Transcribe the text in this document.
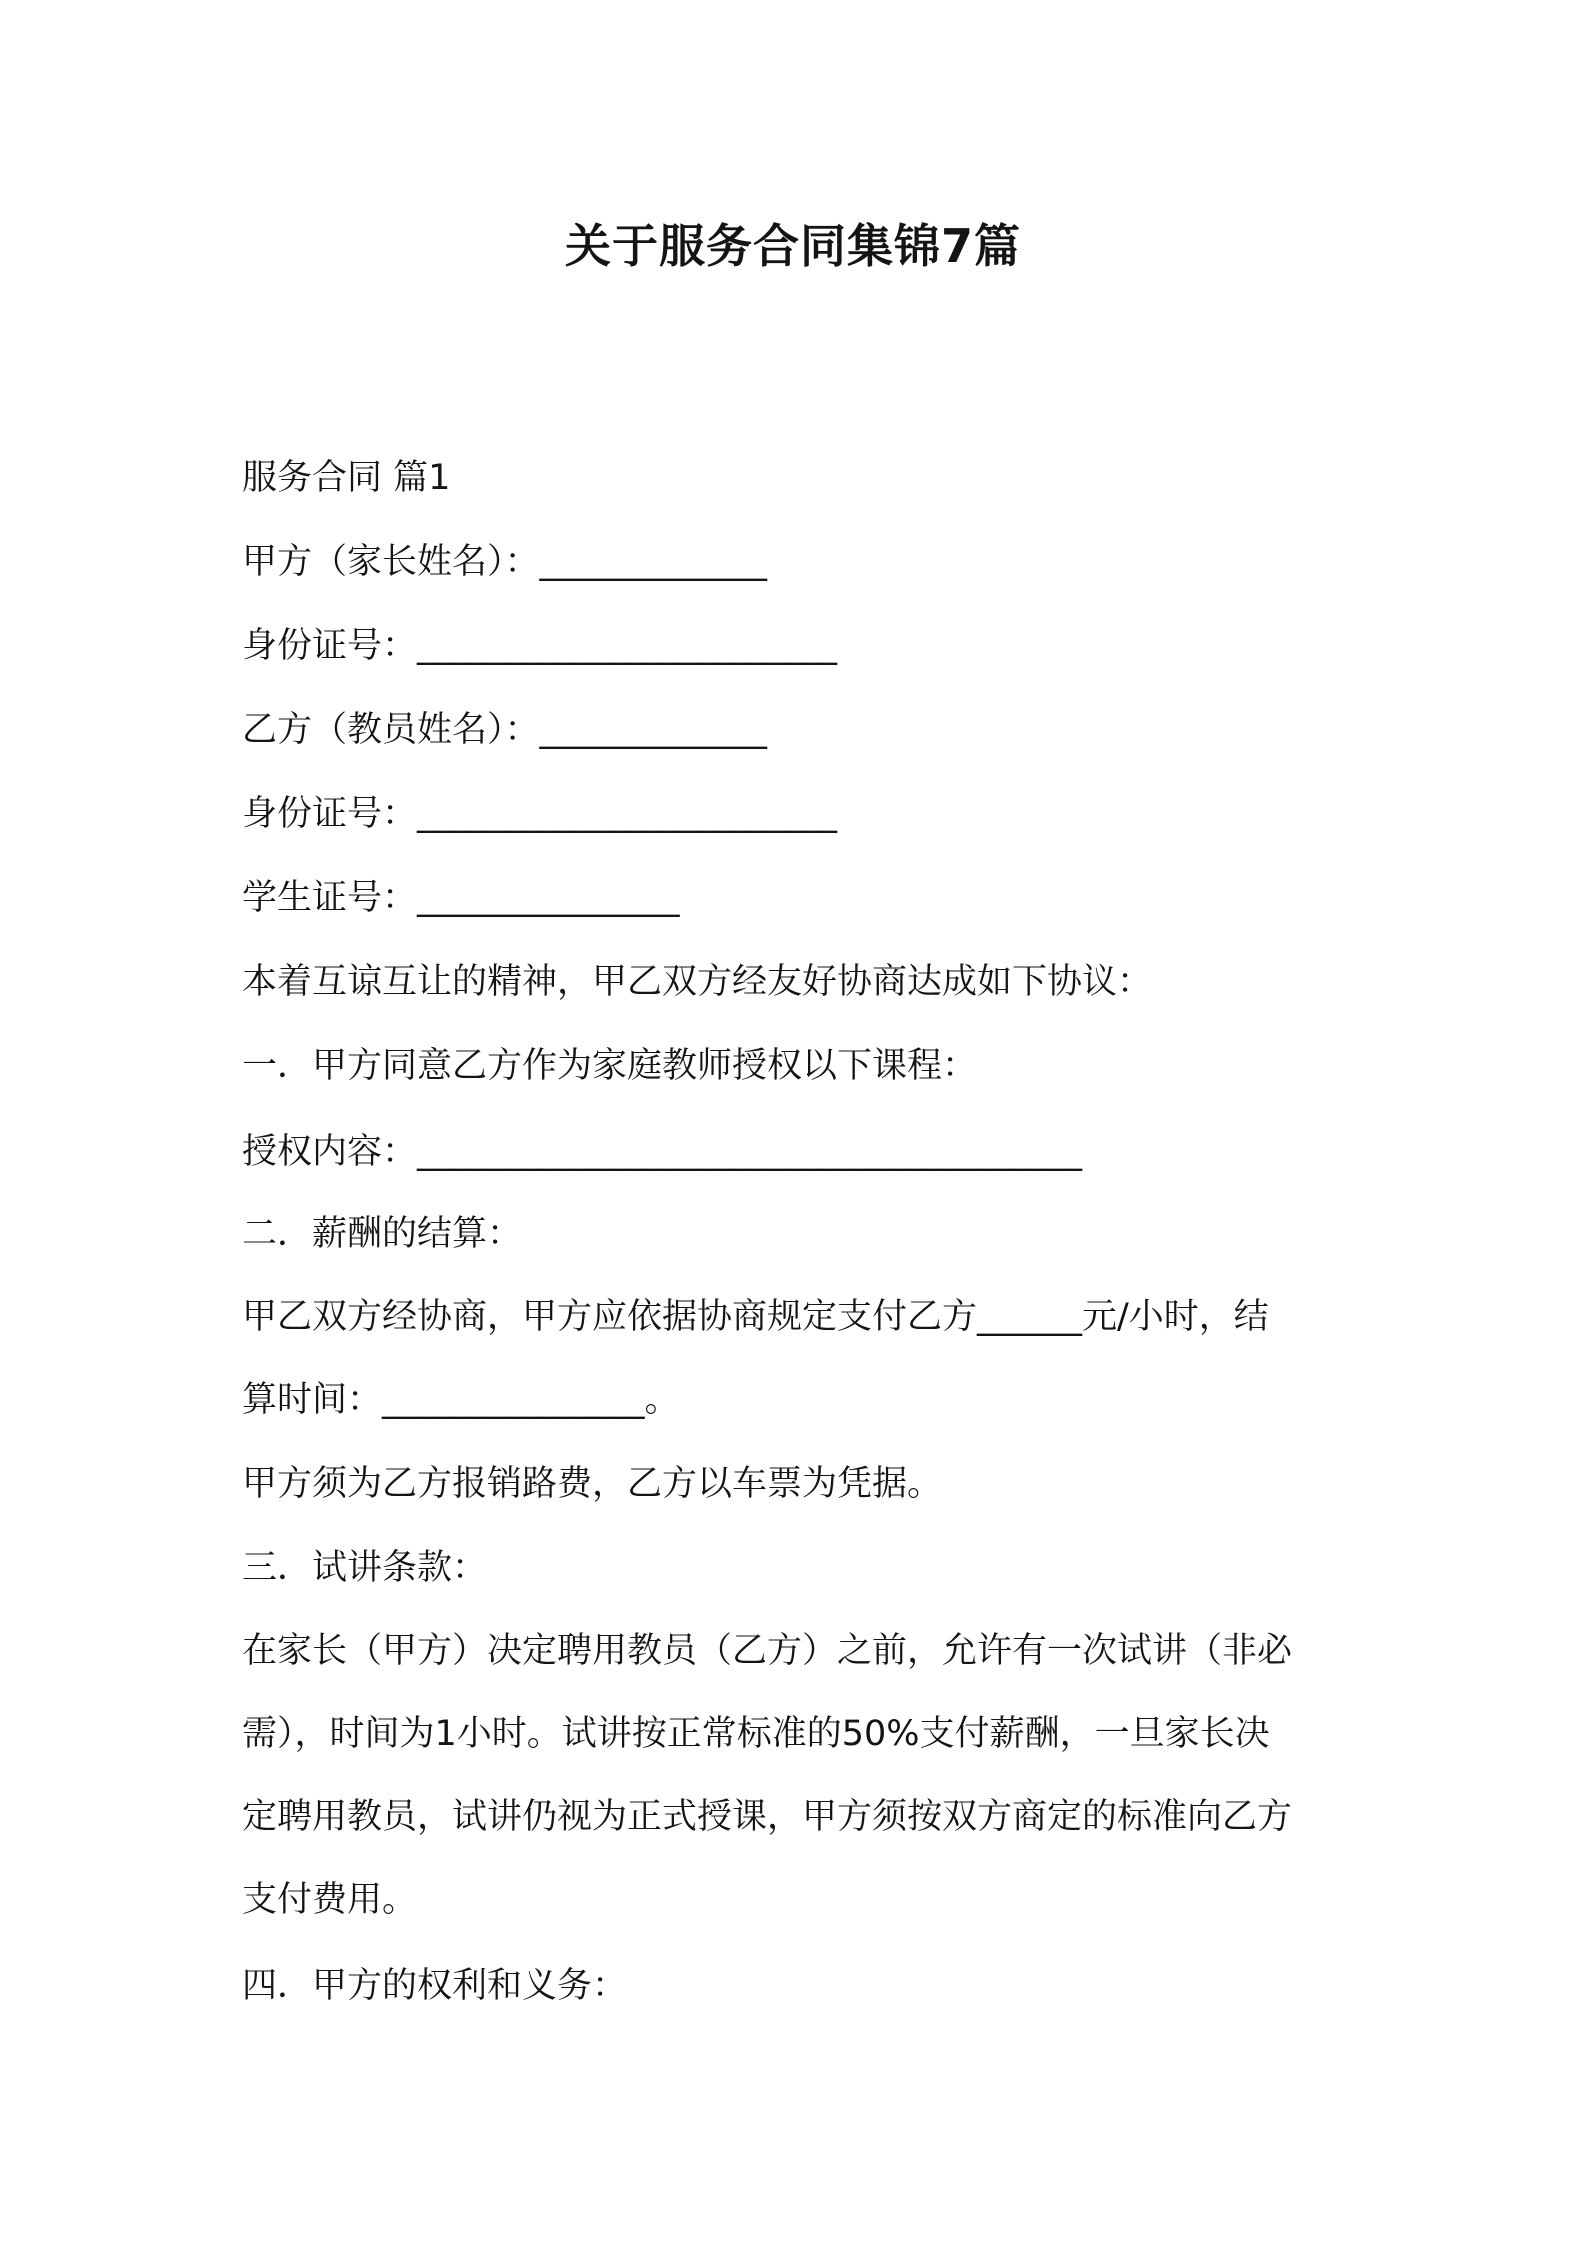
关于服务合同集锦7篇

服务合同 篇1

甲方（家长姓名）：_____________

身份证号：________________________

乙方（教员姓名）：_____________

身份证号：________________________

学生证号：_______________

本着互谅互让的精神，甲乙双方经友好协商达成如下协议：

一．甲方同意乙方作为家庭教师授权以下课程：

授权内容：______________________________________

二．薪酬的结算：

甲乙双方经协商，甲方应依据协商规定支付乙方______元/小时，结
算时间：_______________。

甲方须为乙方报销路费，乙方以车票为凭据。

三．试讲条款：

在家长（甲方）决定聘用教员（乙方）之前，允许有一次试讲（非必
需），时间为1小时。试讲按正常标准的50%支付薪酬，一旦家长决
定聘用教员，试讲仍视为正式授课，甲方须按双方商定的标准向乙方
支付费用。

四．甲方的权利和义务：
